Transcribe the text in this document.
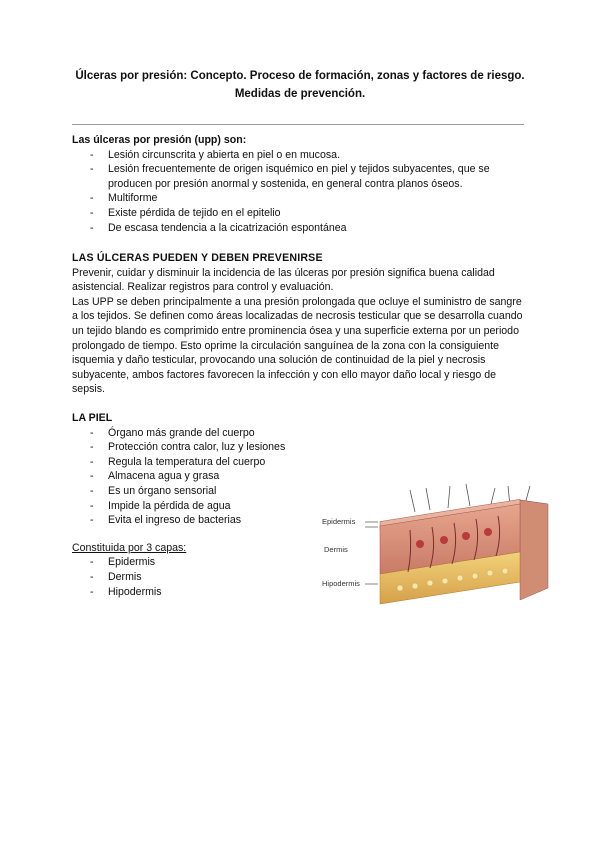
Úlceras por presión: Concepto. Proceso de formación, zonas y factores de riesgo.
Medidas de prevención.
Las úlceras por presión (upp) son:
- Lesión circunscrita y abierta en piel o en mucosa.
- Lesión frecuentemente de origen isquémico en piel y tejidos subyacentes, que se producen por presión anormal y sostenida, en general contra planos óseos.
- Multiforme
- Existe pérdida de tejido en el epitelio
- De escasa tendencia a la cicatrización espontánea
LAS ÚLCERAS PUEDEN Y DEBEN PREVENIRSE

Prevenir, cuidar y disminuir la incidencia de las úlceras por presión significa buena calidad asistencial. Realizar registros para control y evaluación.

Las UPP se deben principalmente a una presión prolongada que ocluye el suministro de sangre a los tejidos. Se definen como áreas localizadas de necrosis testicular que se desarrolla cuando un tejido blando es comprimido entre prominencia ósea y una superficie externa por un periodo prolongado de tiempo. Esto oprime la circulación sanguínea de la zona con la consiguiente isquemia y daño testicular, provocando una solución de continuidad de la piel y necrosis subyacente, ambos factores favorecen la infección y con ello mayor daño local y riesgo de sepsis.

LA PIEL
- Órgano más grande del cuerpo
- Protección contra calor, luz y lesiones
- Regula la temperatura del cuerpo
- Almacena agua y grasa
- Es un órgano sensorial
- Impide la pérdida de agua
- Evita el ingreso de bacterias
Constituida por 3 capas:
- Epidermis
- Dermis
- Hipodermis
Epidermis
Dermis
Hipodermis
